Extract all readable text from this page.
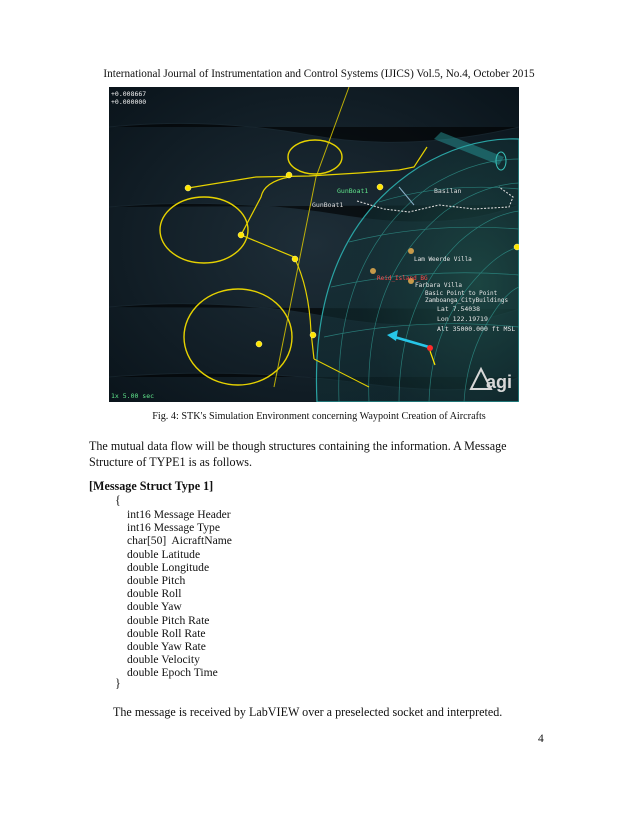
International Journal of Instrumentation and Control Systems (IJICS) Vol.5, No.4, October 2015
+0.008667
+0.000000
1x 5.00 sec
GunBoat1
GunBoat1
Basilan
Lam Weerde Villa
Farbara Villa
Basic Point to Point
Zamboanga_CityBuildings
Reid_Island_BG
Lat 7.54038
Lon 122.19719
Alt 35000.000 ft MSL
agi
Fig. 4: STK's Simulation Environment concerning Waypoint Creation of Aircrafts
The mutual data flow will be though structures containing the information. A Message Structure of TYPE1 is as follows.
[Message Struct Type 1]
{
int16 Message Header
int16 Message Type
char[50]  AicraftName
double Latitude
double Longitude
double Pitch
double Roll
double Yaw
double Pitch Rate
double Roll Rate
double Yaw Rate
double Velocity
double Epoch Time
}
The message is received by LabVIEW over a preselected socket and interpreted.
4
